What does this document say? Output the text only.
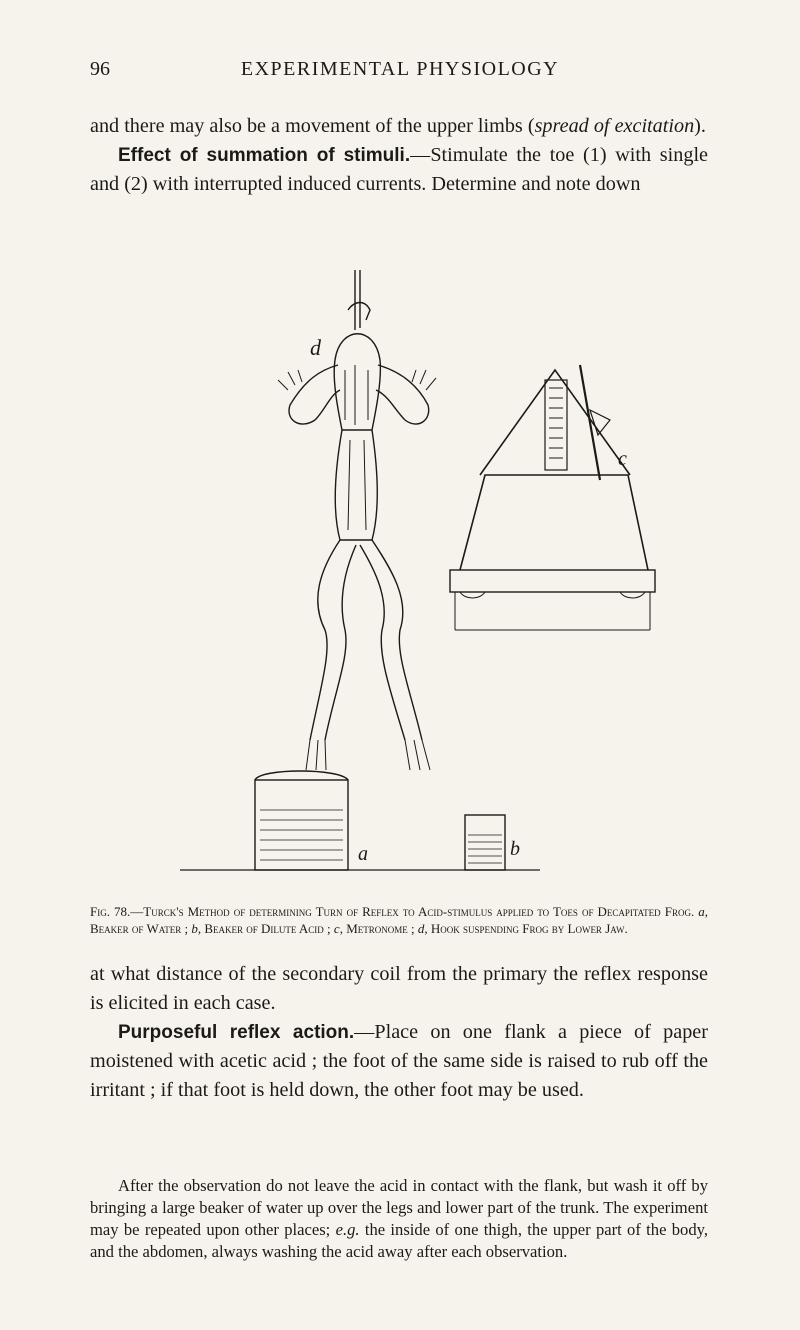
96	EXPERIMENTAL PHYSIOLOGY

and there may also be a movement of the upper limbs (spread of excitation).

Effect of summation of stimuli.—Stimulate the toe (1) with single and (2) with interrupted induced currents. Determine and note down

d
c
a	b

Fig. 78.—Turck's Method of determining Turn of Reflex to Acid-stimulus applied to Toes of Decapitated Frog. a, Beaker of Water ; b, Beaker of Dilute Acid ; c, Metronome ; d, Hook suspending Frog by Lower Jaw.

at what distance of the secondary coil from the primary the reflex response is elicited in each case.

Purposeful reflex action.—Place on one flank a piece of paper moistened with acetic acid ; the foot of the same side is raised to rub off the irritant ; if that foot is held down, the other foot may be used.

After the observation do not leave the acid in contact with the flank, but wash it off by bringing a large beaker of water up over the legs and lower part of the trunk. The experiment may be repeated upon other places; e.g. the inside of one thigh, the upper part of the body, and the abdomen, always washing the acid away after each observation.
